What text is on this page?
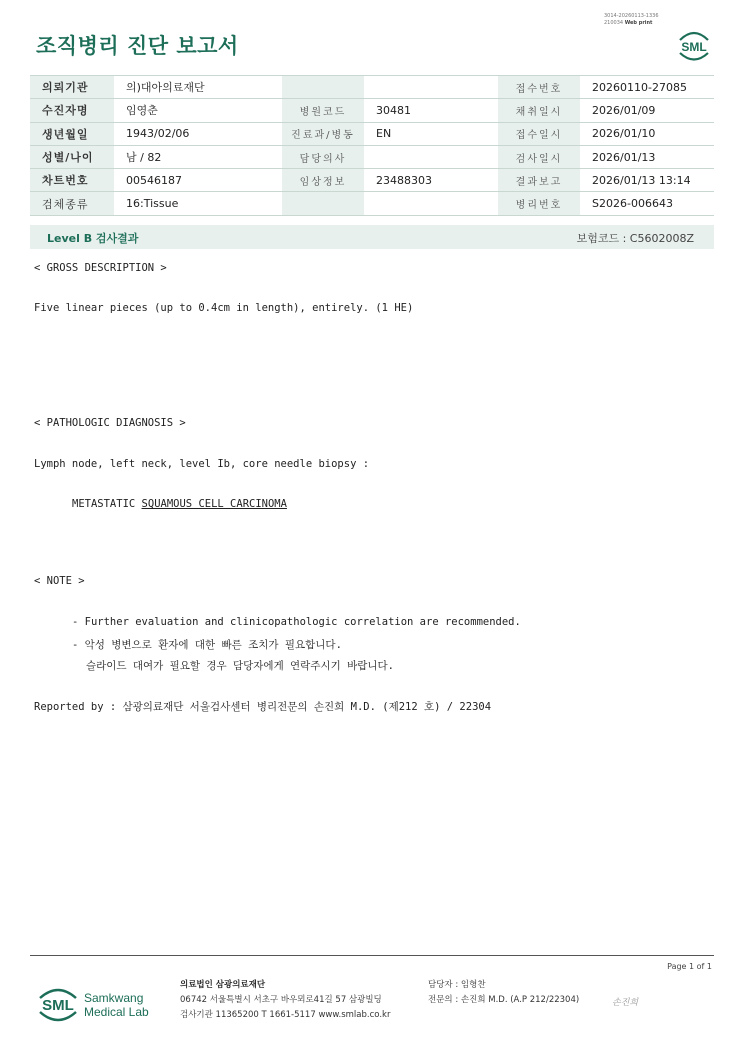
조직병리 진단 보고서
3014-20260113-1336
210034 Web print
SML
의뢰기관	의)대아의료재단			접수번호	20260110-27085
수진자명	임영춘	병원코드	30481	채취일시	2026/01/09
생년월일	1943/02/06	진료과/병동	EN	접수일시	2026/01/10
성별/나이	남 / 82	담당의사		검사일시	2026/01/13
차트번호	00546187	임상정보	23488303	결과보고	2026/01/13 13:14
검체종류	16:Tissue			병리번호	S2026-006643
Level B 검사결과	보험코드 : C5602008Z
< GROSS DESCRIPTION >
Five linear pieces (up to 0.4cm in length), entirely. (1 HE)
< PATHOLOGIC DIAGNOSIS >
Lymph node, left neck, level Ib, core needle biopsy :
METASTATIC SQUAMOUS CELL CARCINOMA
< NOTE >
- Further evaluation and clinicopathologic correlation are recommended.
- 악성 병변으로 환자에 대한 빠른 조치가 필요합니다.
슬라이드 대여가 필요할 경우 담당자에게 연락주시기 바랍니다.
Reported by : 삼광의료재단 서울검사센터 병리전문의 손진희 M.D. (제212 호) / 22304
Page 1 of 1
SML Samkwang
Medical Lab
의료법인 삼광의료재단
06742 서울특별시 서초구 바우뫼로41길 57 삼광빌딩
검사기관 11365200 T 1661-5117 www.smlab.co.kr
담당자 : 임형찬
전문의 : 손진희 M.D. (A.P 212/22304)	손진희
